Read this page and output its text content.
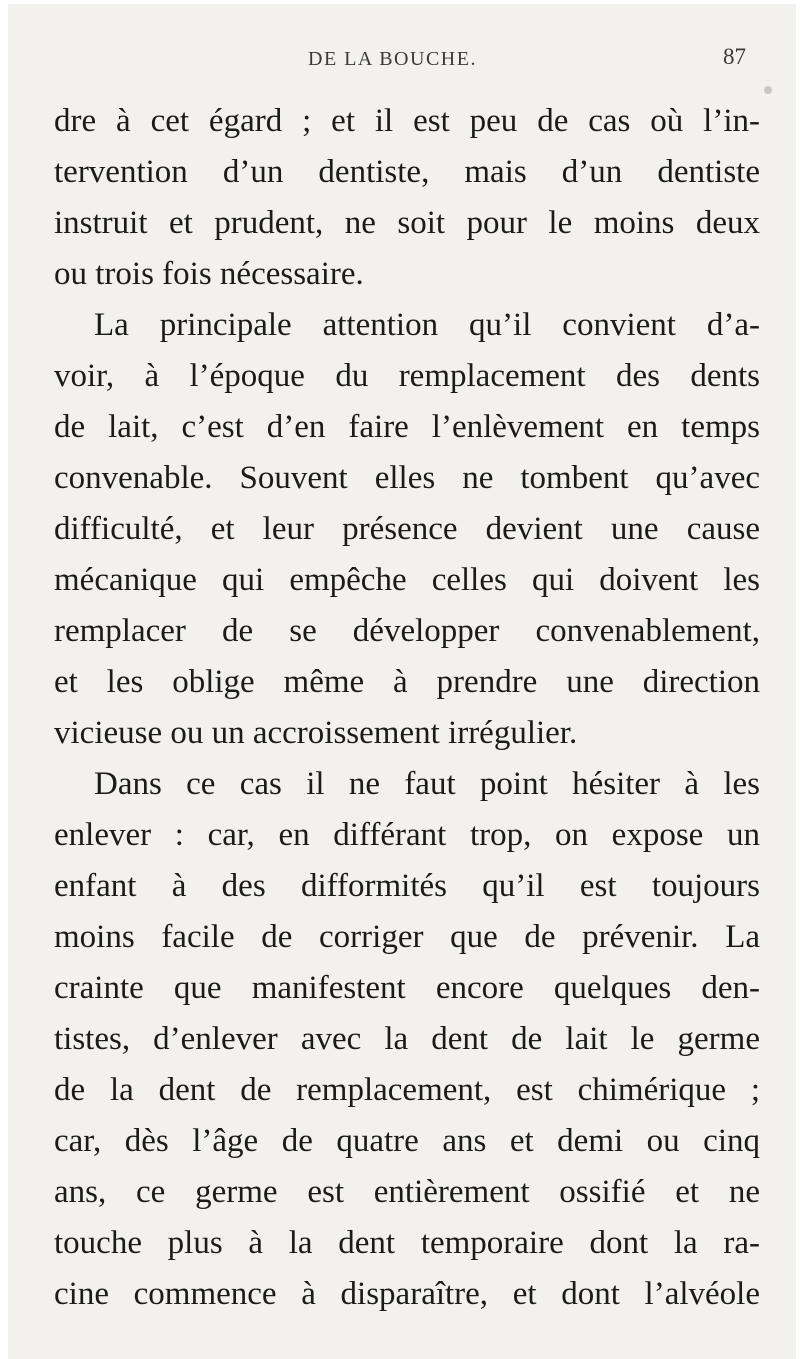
DE LA BOUCHE.	87
dre à cet égard ; et il est peu de cas où l’in-
tervention d’un dentiste, mais d’un dentiste
instruit et prudent, ne soit pour le moins deux
ou trois fois nécessaire.
La principale attention qu’il convient d’a-
voir, à l’époque du remplacement des dents
de lait, c’est d’en faire l’enlèvement en temps
convenable. Souvent elles ne tombent qu’avec
difficulté, et leur présence devient une cause
mécanique qui empêche celles qui doivent les
remplacer de se développer convenablement,
et les oblige même à prendre une direction
vicieuse ou un accroissement irrégulier.
Dans ce cas il ne faut point hésiter à les
enlever : car, en différant trop, on expose un
enfant à des difformités qu’il est toujours
moins facile de corriger que de prévenir. La
crainte que manifestent encore quelques den-
tistes, d’enlever avec la dent de lait le germe
de la dent de remplacement, est chimérique ;
car, dès l’âge de quatre ans et demi ou cinq
ans, ce germe est entièrement ossifié et ne
touche plus à la dent temporaire dont la ra-
cine commence à disparaître, et dont l’alvéole
